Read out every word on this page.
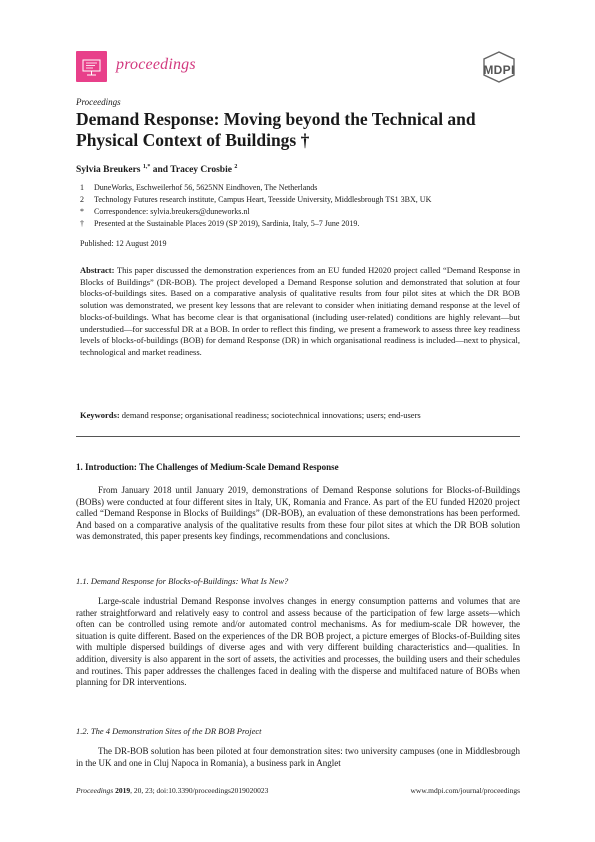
proceedings	MDPI
Proceedings
Demand Response: Moving beyond the Technical and Physical Context of Buildings †
Sylvia Breukers $^{1,*}$ and Tracey Crosbie $^2$
1 DuneWorks, Eschweilerhof 56, 5625NN Eindhoven, The Netherlands
2 Technology Futures research institute, Campus Heart, Teesside University, Middlesbrough TS1 3BX, UK
* Correspondence: sylvia.breukers@duneworks.nl
† Presented at the Sustainable Places 2019 (SP 2019), Sardinia, Italy, 5–7 June 2019.
Published: 12 August 2019
Abstract: This paper discussed the demonstration experiences from an EU funded H2020 project called “Demand Response in Blocks of Buildings” (DR-BOB). The project developed a Demand Response solution and demonstrated that solution at four blocks-of-buildings sites. Based on a comparative analysis of qualitative results from four pilot sites at which the DR BOB solution was demonstrated, we present key lessons that are relevant to consider when initiating demand response at the level of blocks-of-buildings. What has become clear is that organisational (including user-related) conditions are highly relevant—but understudied—for successful DR at a BOB. In order to reflect this finding, we present a framework to assess three key readiness levels of blocks-of-buildings (BOB) for demand Response (DR) in which organisational readiness is included—next to physical, technological and market readiness.
Keywords: demand response; organisational readiness; sociotechnical innovations; users; end-users
1. Introduction: The Challenges of Medium-Scale Demand Response
From January 2018 until January 2019, demonstrations of Demand Response solutions for Blocks-of-Buildings (BOBs) were conducted at four different sites in Italy, UK, Romania and France. As part of the EU funded H2020 project called “Demand Response in Blocks of Buildings” (DR-BOB), an evaluation of these demonstrations has been performed. And based on a comparative analysis of the qualitative results from these four pilot sites at which the DR BOB solution was demonstrated, this paper presents key findings, recommendations and conclusions.
1.1. Demand Response for Blocks-of-Buildings: What Is New?
Large-scale industrial Demand Response involves changes in energy consumption patterns and volumes that are rather straightforward and relatively easy to control and assess because of the participation of few large assets—which often can be controlled using remote and/or automated control mechanisms. As for medium-scale DR however, the situation is quite different. Based on the experiences of the DR BOB project, a picture emerges of Blocks-of-Building sites with multiple dispersed buildings of diverse ages and with very different building characteristics and—qualities. In addition, diversity is also apparent in the sort of assets, the activities and processes, the building users and their schedules and routines. This paper addresses the challenges faced in dealing with the disperse and multifaced nature of BOBs when planning for DR interventions.
1.2. The 4 Demonstration Sites of the DR BOB Project
The DR-BOB solution has been piloted at four demonstration sites: two university campuses (one in Middlesbrough in the UK and one in Cluj Napoca in Romania), a business park in Anglet
Proceedings 2019, 20, 23; doi:10.3390/proceedings2019020023	www.mdpi.com/journal/proceedings
